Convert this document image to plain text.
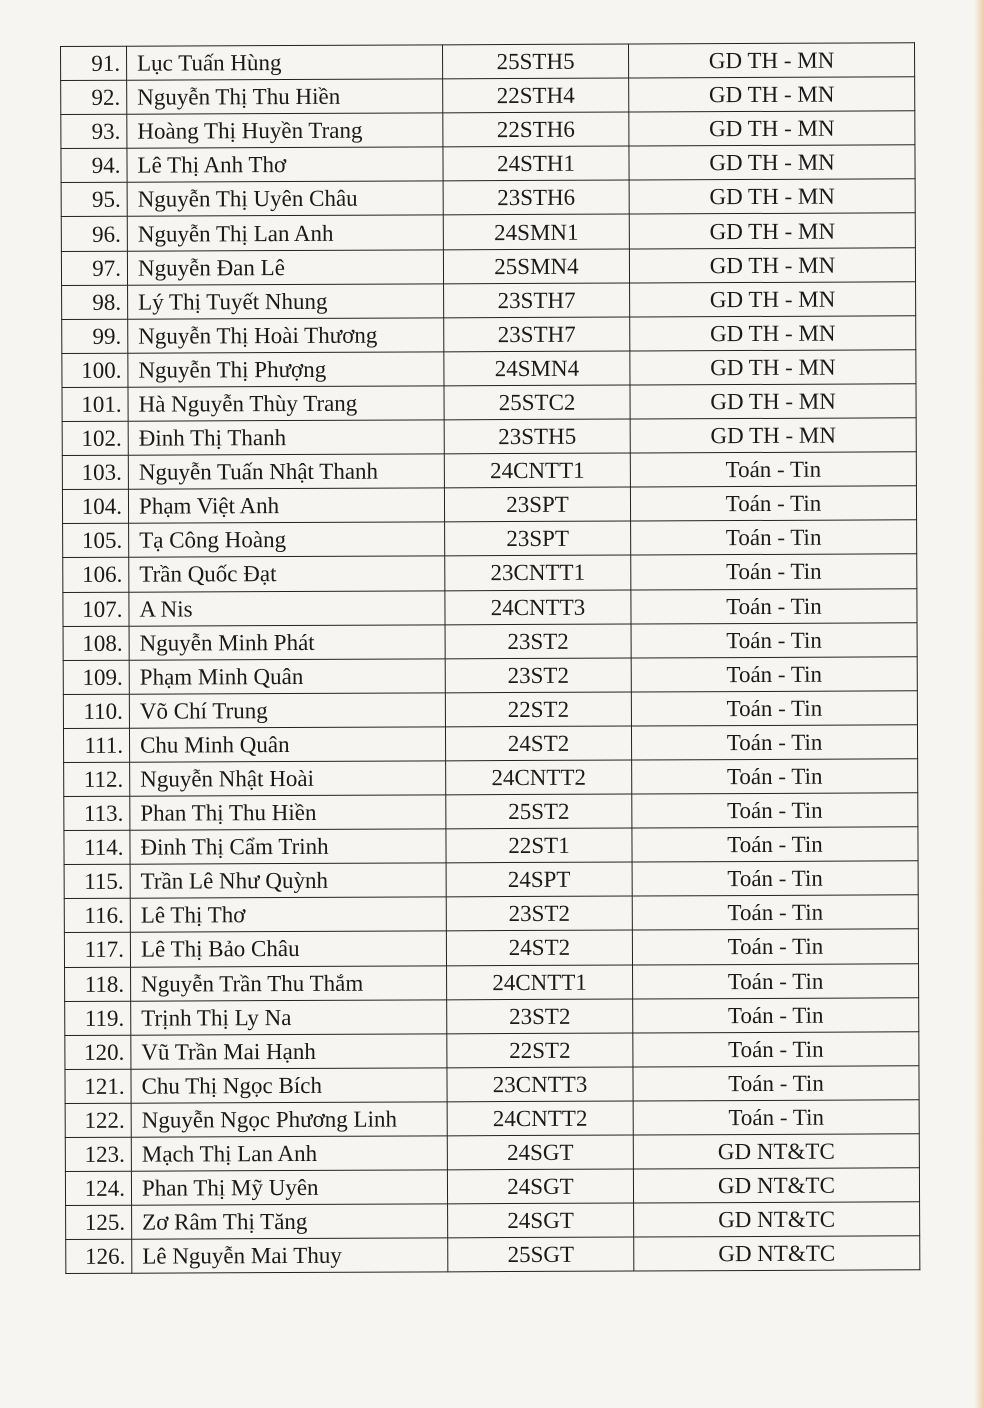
91.	Lục Tuấn Hùng	25STH5	GD TH - MN
92.	Nguyễn Thị Thu Hiền	22STH4	GD TH - MN
93.	Hoàng Thị Huyền Trang	22STH6	GD TH - MN
94.	Lê Thị Anh Thơ	24STH1	GD TH - MN
95.	Nguyễn Thị Uyên Châu	23STH6	GD TH - MN
96.	Nguyễn Thị Lan Anh	24SMN1	GD TH - MN
97.	Nguyễn Đan Lê	25SMN4	GD TH - MN
98.	Lý Thị Tuyết Nhung	23STH7	GD TH - MN
99.	Nguyễn Thị Hoài Thương	23STH7	GD TH - MN
100.	Nguyễn Thị Phượng	24SMN4	GD TH - MN
101.	Hà Nguyễn Thùy Trang	25STC2	GD TH - MN
102.	Đinh Thị Thanh	23STH5	GD TH - MN
103.	Nguyễn Tuấn Nhật Thanh	24CNTT1	Toán - Tin
104.	Phạm Việt Anh	23SPT	Toán - Tin
105.	Tạ Công Hoàng	23SPT	Toán - Tin
106.	Trần Quốc Đạt	23CNTT1	Toán - Tin
107.	A Nis	24CNTT3	Toán - Tin
108.	Nguyễn Minh Phát	23ST2	Toán - Tin
109.	Phạm Minh Quân	23ST2	Toán - Tin
110.	Võ Chí Trung	22ST2	Toán - Tin
111.	Chu Minh Quân	24ST2	Toán - Tin
112.	Nguyễn Nhật Hoài	24CNTT2	Toán - Tin
113.	Phan Thị Thu Hiền	25ST2	Toán - Tin
114.	Đinh Thị Cẩm Trinh	22ST1	Toán - Tin
115.	Trần Lê Như Quỳnh	24SPT	Toán - Tin
116.	Lê Thị Thơ	23ST2	Toán - Tin
117.	Lê Thị Bảo Châu	24ST2	Toán - Tin
118.	Nguyễn Trần Thu Thắm	24CNTT1	Toán - Tin
119.	Trịnh Thị Ly Na	23ST2	Toán - Tin
120.	Vũ Trần Mai Hạnh	22ST2	Toán - Tin
121.	Chu Thị Ngọc Bích	23CNTT3	Toán - Tin
122.	Nguyễn Ngọc Phương Linh	24CNTT2	Toán - Tin
123.	Mạch Thị Lan Anh	24SGT	GD NT&TC
124.	Phan Thị Mỹ Uyên	24SGT	GD NT&TC
125.	Zơ Râm Thị Tăng	24SGT	GD NT&TC
126.	Lê Nguyễn Mai Thuy	25SGT	GD NT&TC
